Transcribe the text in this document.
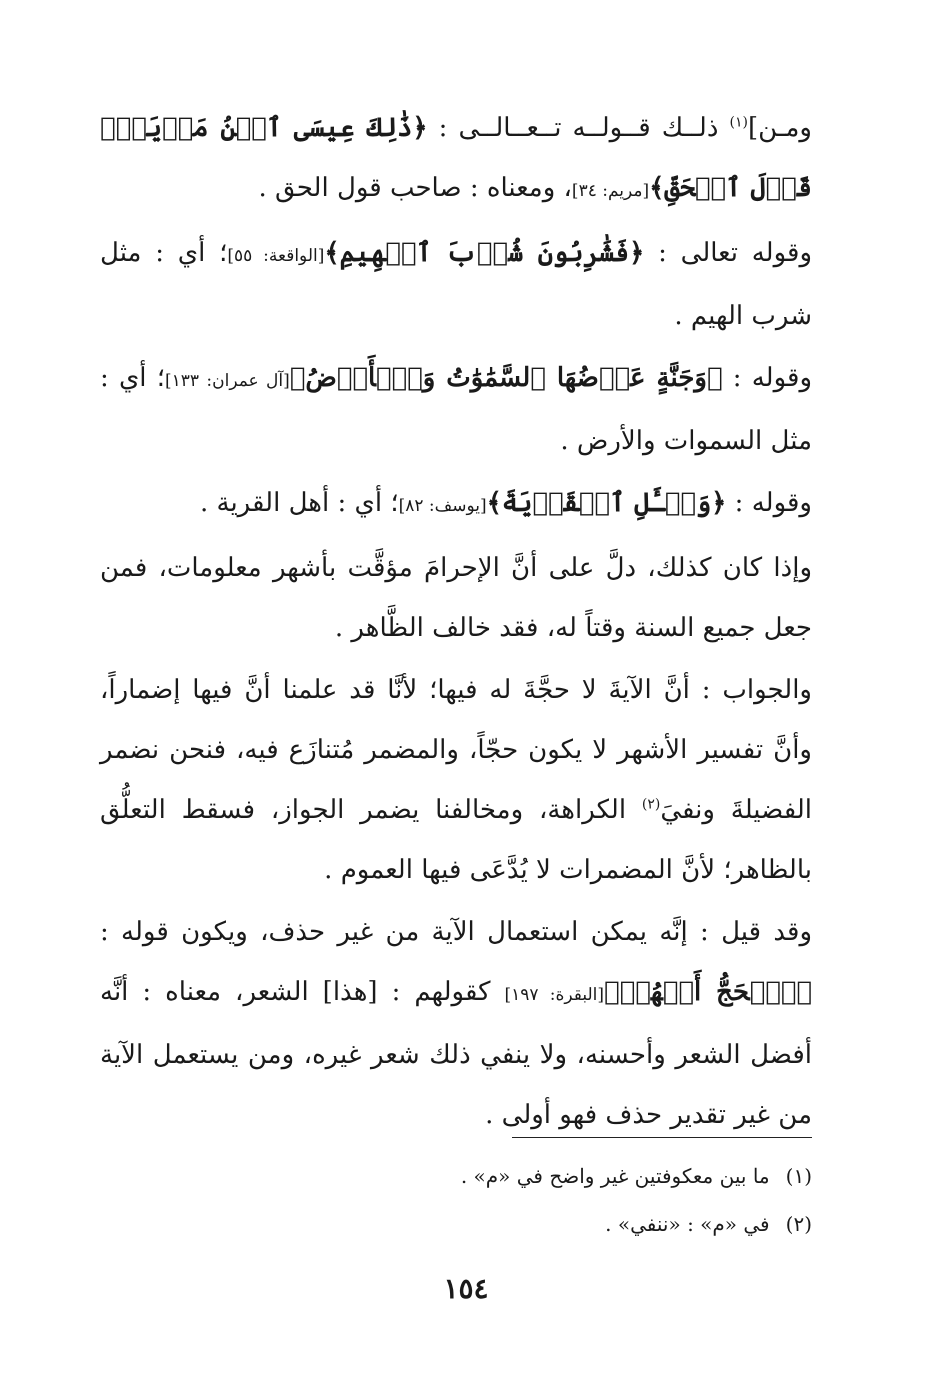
ومـن]$^{(١)}$ ذلــك قــولــه تــعــالــى : ﴿ذَٰلِكَ عِيسَى ٱبۡنُ مَرۡيَمَۖ قَوۡلَ ٱلۡحَقِّ﴾[مريم: ٣٤]، ومعناه : صاحب قول الحق .

وقوله تعالى : ﴿فَشَٰرِبُونَ شُرۡبَ ٱلۡهِيمِ﴾[الواقعة: ٥٥]؛ أي : مثل شرب الهيم .

وقوله : ﴿وَجَنَّةٍ عَرۡضُهَا ٱلسَّمَٰوَٰتُ وَٱلۡأَرۡضُ﴾[آل عمران: ١٣٣]؛ أي : مثل السموات والأرض .

وقوله : ﴿وَسۡـَٔلِ ٱلۡقَرۡيَةَ﴾[يوسف: ٨٢]؛ أي : أهل القرية .

وإذا كان كذلك، دلَّ على أنَّ الإحرامَ مؤقَّت بأشهر معلومات، فمن جعل جميع السنة وقتاً له، فقد خالف الظَّاهر .

والجواب : أنَّ الآيةَ لا حجَّةَ له فيها؛ لأنَّا قد علمنا أنَّ فيها إضماراً، وأنَّ تفسير الأشهر لا يكون حجّاً، والمضمر مُتنازَع فيه، فنحن نضمر الفضيلةَ ونفيَ$^{(٢)}$ الكراهة، ومخالفنا يضمر الجواز، فسقط التعلُّق بالظاهر؛ لأنَّ المضمرات لا يُدَّعَى فيها العموم .

وقد قيل : إنَّه يمكن استعمال الآية من غير حذف، ويكون قوله : ﴿ٱلۡحَجُّ أَشۡهُرٞ﴾[البقرة: ١٩٧] كقولهم : [هذا] الشعر، معناه : أنَّه أفضل الشعر وأحسنه، ولا ينفي ذلك شعر غيره، ومن يستعمل الآية من غير تقدير حذف فهو أولى .

(١)ما بين معكوفتين غير واضح في «م» .
(٢)في «م» : «ننفي» .
١٥٤
